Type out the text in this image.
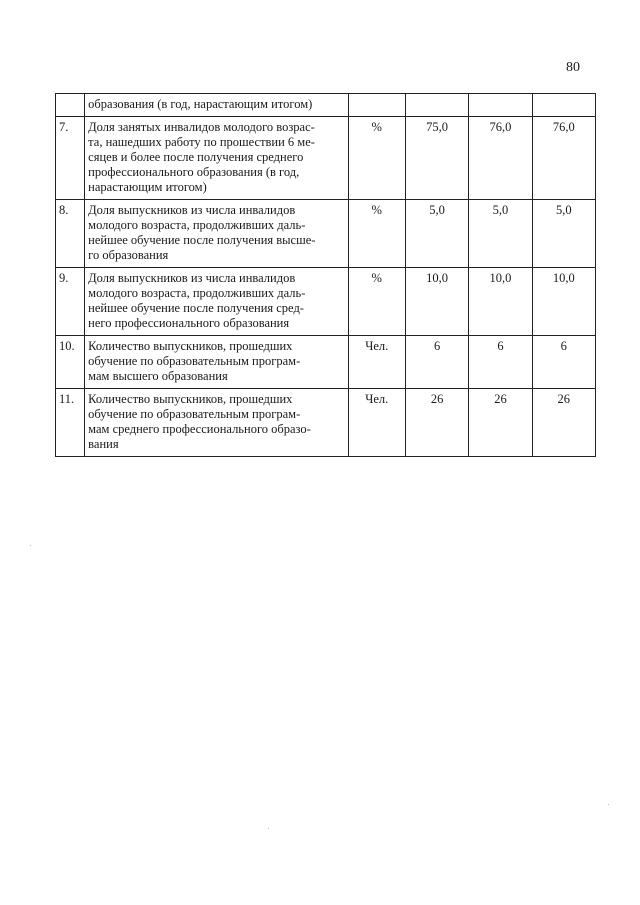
80
	образования (в год, нарастающим итогом)				
7.	Доля занятых инвалидов молодого возрас-
та, нашедших работу по прошествии 6 ме-
сяцев и более после получения среднего
профессионального образования (в год,
нарастающим итогом)	%	75,0	76,0	76,0
8.	Доля выпускников из числа инвалидов
молодого возраста, продолживших даль-
нейшее обучение после получения высше-
го образования	%	5,0	5,0	5,0
9.	Доля выпускников из числа инвалидов
молодого возраста, продолживших даль-
нейшее обучение после получения сред-
него профессионального образования	%	10,0	10,0	10,0
10.	Количество выпускников, прошедших
обучение по образовательным програм-
мам высшего образования	Чел.	6	6	6
11.	Количество выпускников, прошедших
обучение по образовательным програм-
мам среднего профессионального образо-
вания	Чел.	26	26	26
